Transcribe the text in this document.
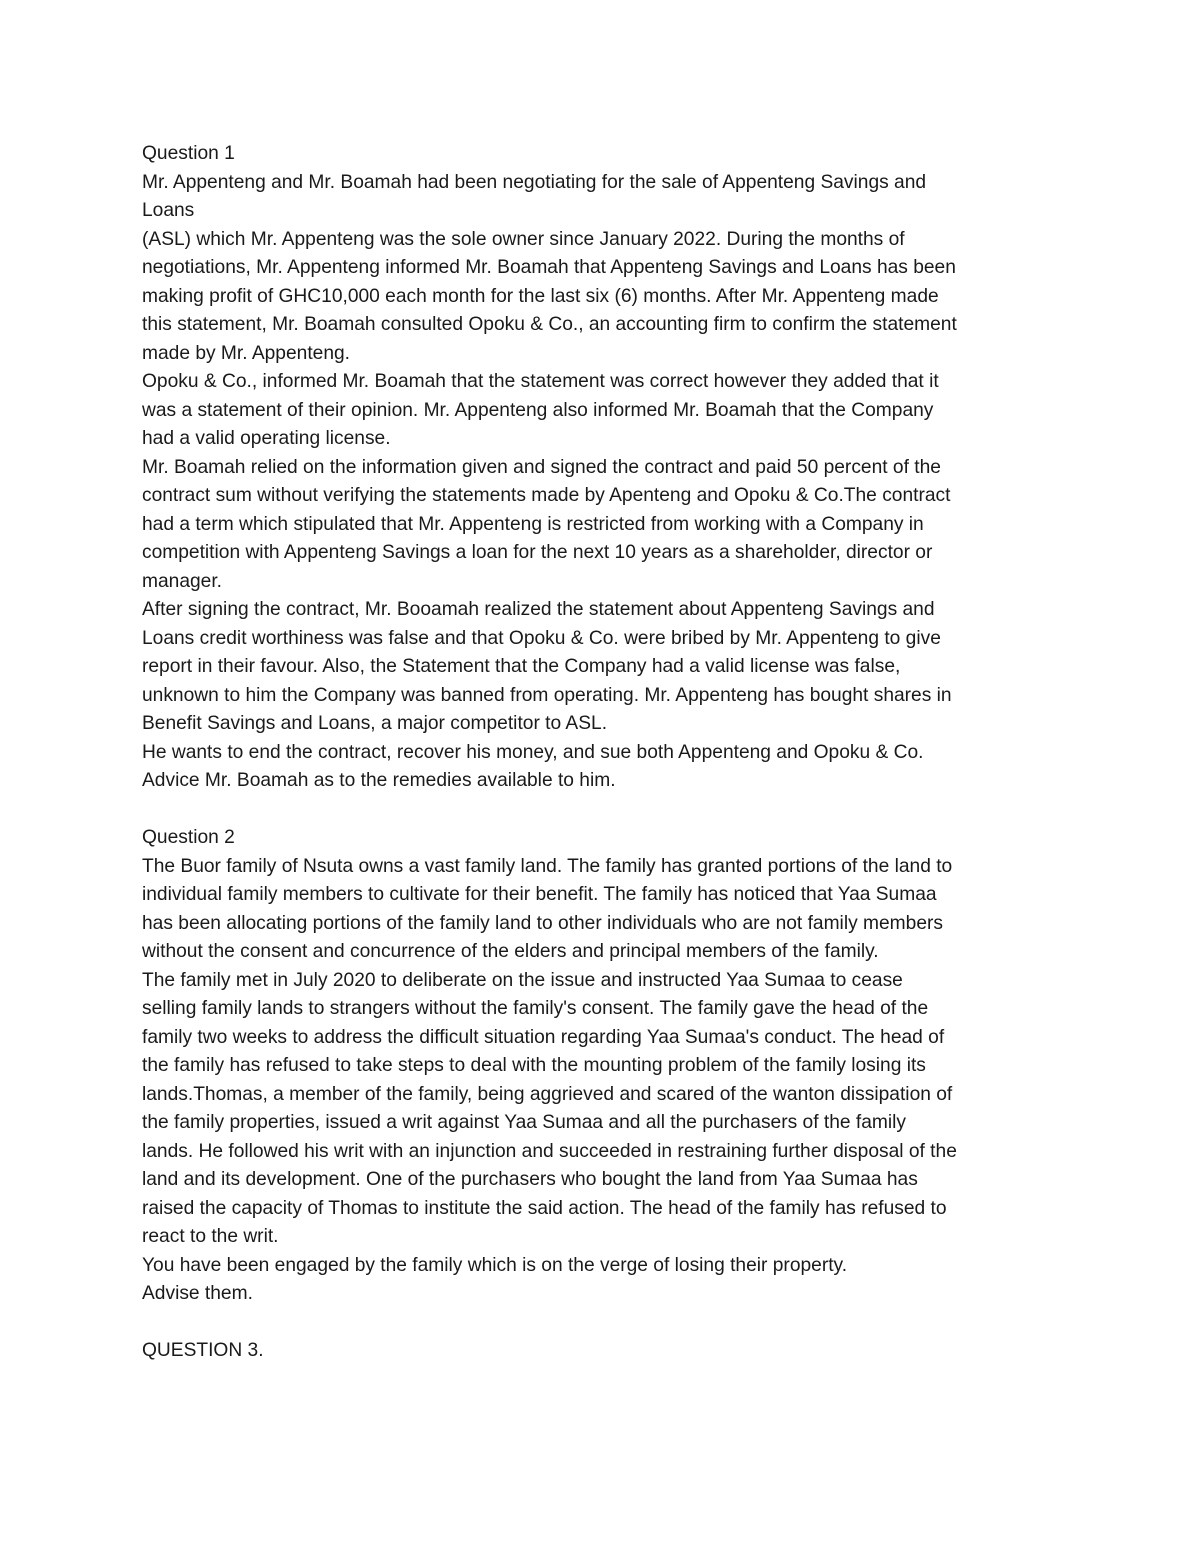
Question 1
Mr. Appenteng and Mr. Boamah had been negotiating for the sale of Appenteng Savings and
Loans
(ASL) which Mr. Appenteng was the sole owner since January 2022. During the months of
negotiations, Mr. Appenteng informed Mr. Boamah that Appenteng Savings and Loans has been
making profit of GHC10,000 each month for the last six (6) months. After Mr. Appenteng made
this statement, Mr. Boamah consulted Opoku & Co., an accounting firm to confirm the statement
made by Mr. Appenteng.
Opoku & Co., informed Mr. Boamah that the statement was correct however they added that it
was a statement of their opinion. Mr. Appenteng also informed Mr. Boamah that the Company
had a valid operating license.
Mr. Boamah relied on the information given and signed the contract and paid 50 percent of the
contract sum without verifying the statements made by Apenteng and Opoku & Co.The contract
had a term which stipulated that Mr. Appenteng is restricted from working with a Company in
competition with Appenteng Savings a loan for the next 10 years as a shareholder, director or
manager.
After signing the contract, Mr. Booamah realized the statement about Appenteng Savings and
Loans credit worthiness was false and that Opoku & Co. were bribed by Mr. Appenteng to give
report in their favour. Also, the Statement that the Company had a valid license was false,
unknown to him the Company was banned from operating. Mr. Appenteng has bought shares in
Benefit Savings and Loans, a major competitor to ASL.
He wants to end the contract, recover his money, and sue both Appenteng and Opoku & Co.
Advice Mr. Boamah as to the remedies available to him.
Question 2
The Buor family of Nsuta owns a vast family land. The family has granted portions of the land to
individual family members to cultivate for their benefit. The family has noticed that Yaa Sumaa
has been allocating portions of the family land to other individuals who are not family members
without the consent and concurrence of the elders and principal members of the family.
The family met in July 2020 to deliberate on the issue and instructed Yaa Sumaa to cease
selling family lands to strangers without the family's consent. The family gave the head of the
family two weeks to address the difficult situation regarding Yaa Sumaa's conduct. The head of
the family has refused to take steps to deal with the mounting problem of the family losing its
lands.Thomas, a member of the family, being aggrieved and scared of the wanton dissipation of
the family properties, issued a writ against Yaa Sumaa and all the purchasers of the family
lands. He followed his writ with an injunction and succeeded in restraining further disposal of the
land and its development. One of the purchasers who bought the land from Yaa Sumaa has
raised the capacity of Thomas to institute the said action. The head of the family has refused to
react to the writ.
You have been engaged by the family which is on the verge of losing their property.
Advise them.
QUESTION 3.
